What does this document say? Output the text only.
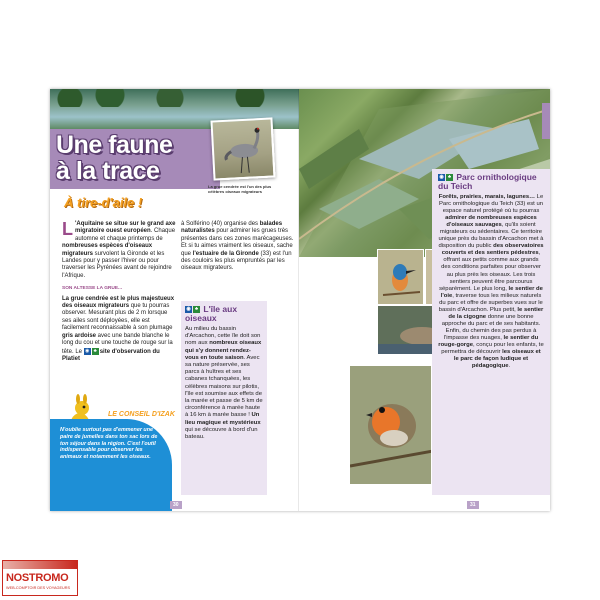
Une faune
à la trace
La grue cendrée est l'un des plus célèbres oiseaux migrateurs
À tire-d'aile !

L 'Aquitaine se situe sur le grand axe migratoire ouest européen. Chaque automne et chaque printemps de nombreuses espèces d'oiseaux migrateurs survolent la Gironde et les Landes pour y passer l'hiver ou pour traverser les Pyrénées avant de rejoindre l'Afrique.

SON ALTESSE LA GRUE...

La grue cendrée est le plus majestueux des oiseaux migrateurs que tu pourras observer. Mesurant plus de 2 m lorsque ses ailes sont déployées, elle est facilement reconnaissable à son plumage gris ardoise avec une bande blanche le long du cou et une touche de rouge sur la tête. Le ◉ ♣ site d'observation du Platiet

à Solférino (40) organise des balades naturalistes pour admirer les grues très présentes dans ces zones marécageuses. Et si tu aimes vraiment les oiseaux, sache que l'estuaire de la Gironde (33) est l'un des couloirs les plus empruntés par les oiseaux migrateurs.

◉ ♣ L'île aux oiseaux

Au milieu du bassin d'Arcachon, cette île doit son nom aux nombreux oiseaux qui s'y donnent rendez-vous en toute saison. Avec sa nature préservée, ses parcs à huîtres et ses cabanes tchanquées, les célèbres maisons sur pilotis, l'île est soumise aux effets de la marée et passe de 5 km de circonférence à marée haute à 16 km à marée basse ! Un lieu magique et mystérieux qui se découvre à bord d'un bateau.

LE CONSEIL D'IZAK

N'oublie surtout pas d'emmener une paire de jumelles dans ton sac lors de ton séjour dans la région. C'est l'outil indispensable pour observer les animaux et notamment les oiseaux.

30
◉ ♣ Parc ornithologique du Teich

Forêts, prairies, marais, lagunes… Le Parc ornithologique du Teich (33) est un espace naturel protégé où tu pourras admirer de nombreuses espèces d'oiseaux sauvages, qu'ils soient migrateurs ou sédentaires. Ce territoire unique près du bassin d'Arcachon met à disposition du public des observatoires couverts et des sentiers pédestres, offrant aux petits comme aux grands des conditions parfaites pour observer au plus près les oiseaux. Les trois sentiers peuvent être parcourus séparément. Le plus long, le sentier de l'oie, traverse tous les milieux naturels du parc et offre de superbes vues sur le bassin d'Arcachon. Plus petit, le sentier de la cigogne donne une bonne approche du parc et de ses habitants. Enfin, du chemin des pas perdus à l'impasse des nuages, le sentier du rouge-gorge, conçu pour les enfants, te permettra de découvrir les oiseaux et le parc de façon ludique et pédagogique.

31
NOSTROMO
WEB-COMPTOIR DES VOYAGEURS
